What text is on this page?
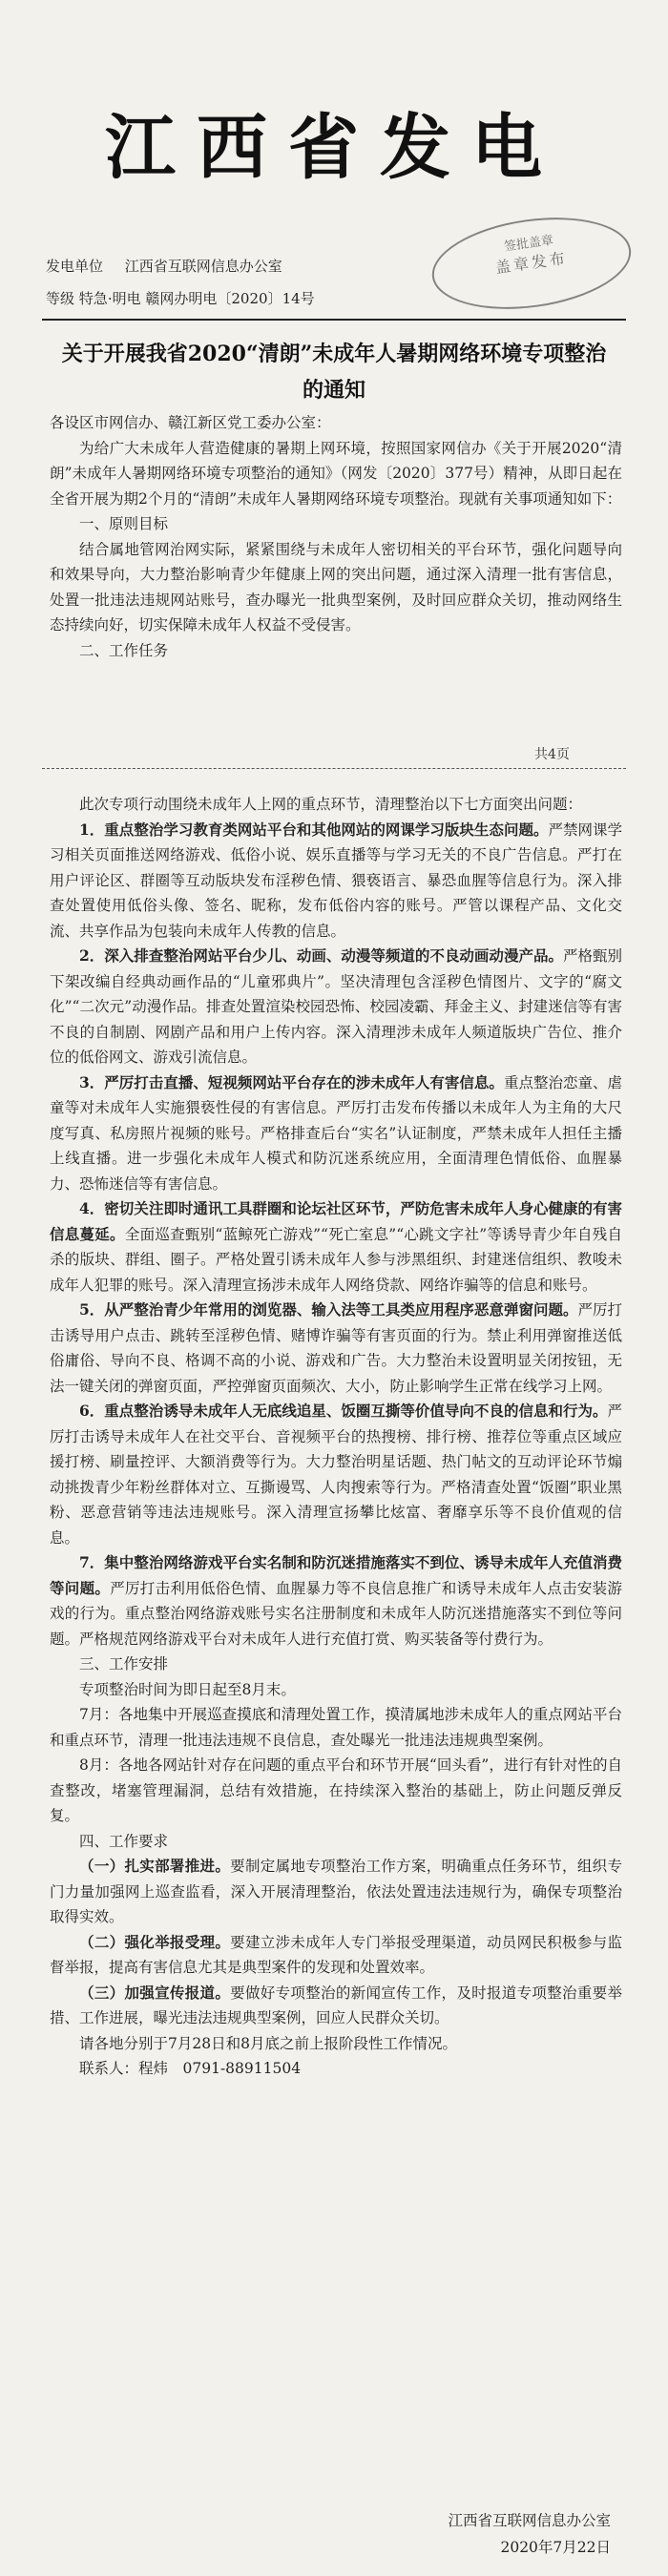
江西省发电
发电单位 江西省互联网信息办公室
等级 特急·明电 赣网办明电〔2020〕14号
签批盖章
盖章发布
关于开展我省2020“清朗”未成年人暑期网络环境专项整治的通知

各设区市网信办、赣江新区党工委办公室：

为给广大未成年人营造健康的暑期上网环境，按照国家网信办《关于开展2020“清朗”未成年人暑期网络环境专项整治的通知》（网发〔2020〕377号）精神，从即日起在全省开展为期2个月的“清朗”未成年人暑期网络环境专项整治。现就有关事项通知如下：

一、原则目标

结合属地管网治网实际，紧紧围绕与未成年人密切相关的平台环节，强化问题导向和效果导向，大力整治影响青少年健康上网的突出问题，通过深入清理一批有害信息，处置一批违法违规网站账号，查办曝光一批典型案例，及时回应群众关切，推动网络生态持续向好，切实保障未成年人权益不受侵害。

二、工作任务

共4页

此次专项行动围绕未成年人上网的重点环节，清理整治以下七方面突出问题：

1．重点整治学习教育类网站平台和其他网站的网课学习版块生态问题。严禁网课学习相关页面推送网络游戏、低俗小说、娱乐直播等与学习无关的不良广告信息。严打在用户评论区、群圈等互动版块发布淫秽色情、猥亵语言、暴恐血腥等信息行为。深入排查处置使用低俗头像、签名、昵称，发布低俗内容的账号。严管以课程产品、文化交流、共享作品为包装向未成年人传教的信息。

2．深入排查整治网站平台少儿、动画、动漫等频道的不良动画动漫产品。严格甄别下架改编自经典动画作品的“儿童邪典片”。坚决清理包含淫秽色情图片、文字的“腐文化”“二次元”动漫作品。排查处置渲染校园恐怖、校园凌霸、拜金主义、封建迷信等有害不良的自制剧、网剧产品和用户上传内容。深入清理涉未成年人频道版块广告位、推介位的低俗网文、游戏引流信息。

3．严厉打击直播、短视频网站平台存在的涉未成年人有害信息。重点整治恋童、虐童等对未成年人实施猥亵性侵的有害信息。严厉打击发布传播以未成年人为主角的大尺度写真、私房照片视频的账号。严格排查后台“实名”认证制度，严禁未成年人担任主播上线直播。进一步强化未成年人模式和防沉迷系统应用，全面清理色情低俗、血腥暴力、恐怖迷信等有害信息。

4．密切关注即时通讯工具群圈和论坛社区环节，严防危害未成年人身心健康的有害信息蔓延。全面巡查甄别“蓝鲸死亡游戏”“死亡室息”“心跳文字社”等诱导青少年自残自杀的版块、群组、圈子。严格处置引诱未成年人参与涉黑组织、封建迷信组织、教唆未成年人犯罪的账号。深入清理宣扬涉未成年人网络贷款、网络诈骗等的信息和账号。

5．从严整治青少年常用的浏览器、输入法等工具类应用程序恶意弹窗问题。严厉打击诱导用户点击、跳转至淫秽色情、赌博诈骗等有害页面的行为。禁止利用弹窗推送低俗庸俗、导向不良、格调不高的小说、游戏和广告。大力整治未设置明显关闭按钮，无法一键关闭的弹窗页面，严控弹窗页面频次、大小，防止影响学生正常在线学习上网。

6．重点整治诱导未成年人无底线追星、饭圈互撕等价值导向不良的信息和行为。严厉打击诱导未成年人在社交平台、音视频平台的热搜榜、排行榜、推荐位等重点区域应援打榜、刷量控评、大额消费等行为。大力整治明星话题、热门帖文的互动评论环节煽动挑拨青少年粉丝群体对立、互撕谩骂、人肉搜索等行为。严格清查处置“饭圈”职业黑粉、恶意营销等违法违规账号。深入清理宣扬攀比炫富、奢靡享乐等不良价值观的信息。

7．集中整治网络游戏平台实名制和防沉迷措施落实不到位、诱导未成年人充值消费等问题。严厉打击利用低俗色情、血腥暴力等不良信息推广和诱导未成年人点击安装游戏的行为。重点整治网络游戏账号实名注册制度和未成年人防沉迷措施落实不到位等问题。严格规范网络游戏平台对未成年人进行充值打赏、购买装备等付费行为。

三、工作安排

专项整治时间为即日起至8月末。

7月：各地集中开展巡查摸底和清理处置工作，摸清属地涉未成年人的重点网站平台和重点环节，清理一批违法违规不良信息，查处曝光一批违法违规典型案例。

8月：各地各网站针对存在问题的重点平台和环节开展“回头看”，进行有针对性的自查整改，堵塞管理漏洞，总结有效措施，在持续深入整治的基础上，防止问题反弹反复。

四、工作要求

（一）扎实部署推进。要制定属地专项整治工作方案，明确重点任务环节，组织专门力量加强网上巡查监看，深入开展清理整治，依法处置违法违规行为，确保专项整治取得实效。

（二）强化举报受理。要建立涉未成年人专门举报受理渠道，动员网民积极参与监督举报，提高有害信息尤其是典型案件的发现和处置效率。

（三）加强宣传报道。要做好专项整治的新闻宣传工作，及时报道专项整治重要举措、工作进展，曝光违法违规典型案例，回应人民群众关切。

请各地分别于7月28日和8月底之前上报阶段性工作情况。

联系人：程炜　0791-88911504

江西省互联网信息办公室
2020年7月22日
